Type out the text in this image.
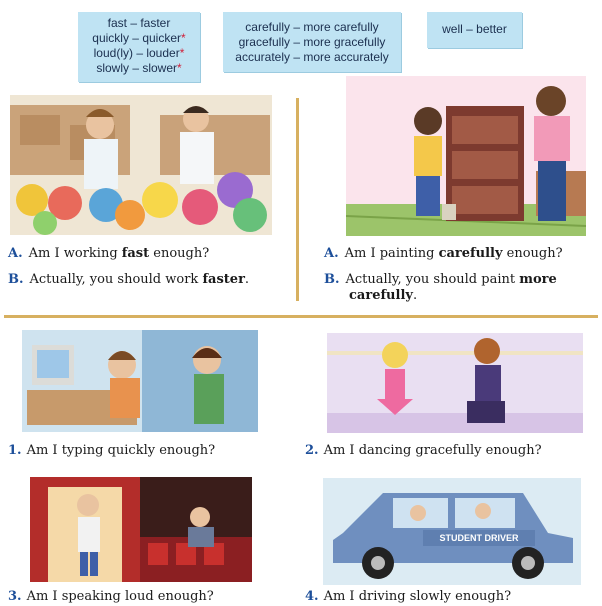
fast – faster
quickly – quicker*
loud(ly) – louder*
slowly – slower*
carefully – more carefully
gracefully – more gracefully
accurately – more accurately
well – better
A. Am I working fast enough?
B. Actually, you should work faster.
A. Am I painting carefully enough?
B. Actually, you should paint more
carefully.
1. Am I typing quickly enough?	2. Am I dancing gracefully enough?
STUDENT DRIVER
3. Am I speaking loud enough?	4. Am I driving slowly enough?
